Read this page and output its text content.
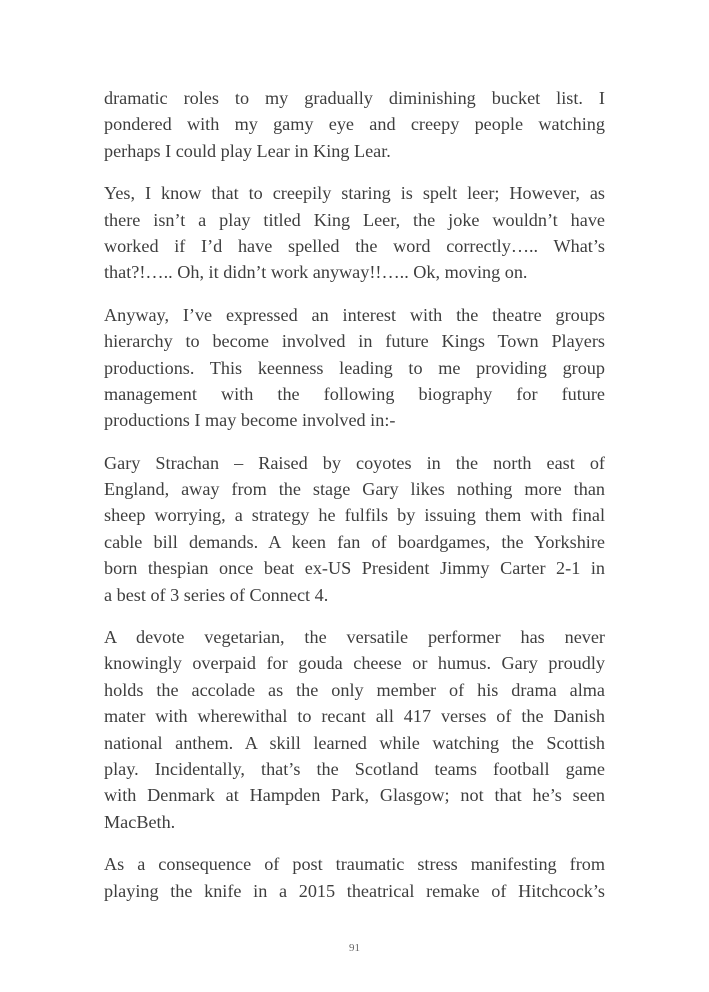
dramatic roles to my gradually diminishing bucket list. I
pondered with my gamy eye and creepy people watching
perhaps I could play Lear in King Lear.
Yes, I know that to creepily staring is spelt leer; However, as
there isn’t a play titled King Leer, the joke wouldn’t have
worked if I’d have spelled the word correctly….. What’s
that?!….. Oh, it didn’t work anyway!!….. Ok, moving on.
Anyway, I’ve expressed an interest with the theatre groups
hierarchy to become involved in future Kings Town Players
productions. This keenness leading to me providing group
management with the following biography for future
productions I may become involved in:-
Gary Strachan – Raised by coyotes in the north east of
England, away from the stage Gary likes nothing more than
sheep worrying, a strategy he fulfils by issuing them with final
cable bill demands. A keen fan of boardgames, the Yorkshire
born thespian once beat ex-US President Jimmy Carter 2-1 in
a best of 3 series of Connect 4.
A devote vegetarian, the versatile performer has never
knowingly overpaid for gouda cheese or humus. Gary proudly
holds the accolade as the only member of his drama alma
mater with wherewithal to recant all 417 verses of the Danish
national anthem. A skill learned while watching the Scottish
play. Incidentally, that’s the Scotland teams football game
with Denmark at Hampden Park, Glasgow; not that he’s seen
MacBeth.
As a consequence of post traumatic stress manifesting from
playing the knife in a 2015 theatrical remake of Hitchcock’s
91
